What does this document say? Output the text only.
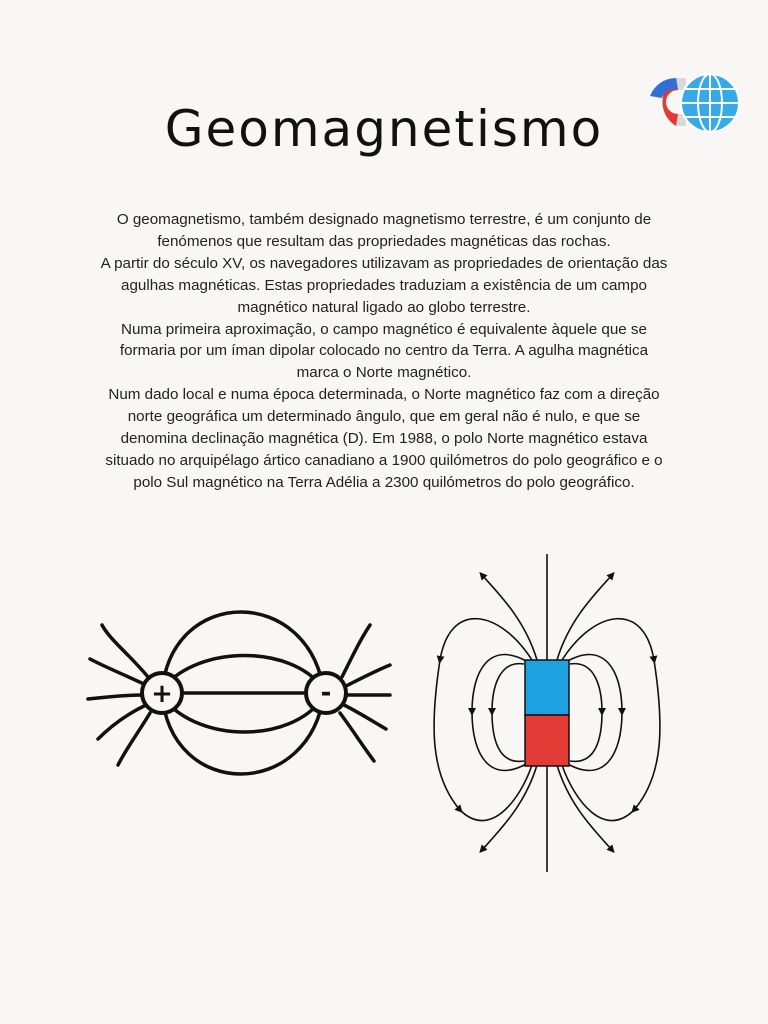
Geomagnetismo

O geomagnetismo, também designado magnetismo terrestre, é um conjunto de fenómenos que resultam das propriedades magnéticas das rochas.

A partir do século XV, os navegadores utilizavam as propriedades de orientação das agulhas magnéticas. Estas propriedades traduziam a existência de um campo magnético natural ligado ao globo terrestre.

Numa primeira aproximação, o campo magnético é equivalente àquele que se formaria por um íman dipolar colocado no centro da Terra. A agulha magnética marca o Norte magnético.

Num dado local e numa época determinada, o Norte magnético faz com a direção norte geográfica um determinado ângulo, que em geral não é nulo, e que se denomina declinação magnética (D). Em 1988, o polo Norte magnético estava situado no arquipélago ártico canadiano a 1900 quilómetros do polo geográfico e o polo Sul magnético na Terra Adélia a 2300 quilómetros do polo geográfico.

+	-
